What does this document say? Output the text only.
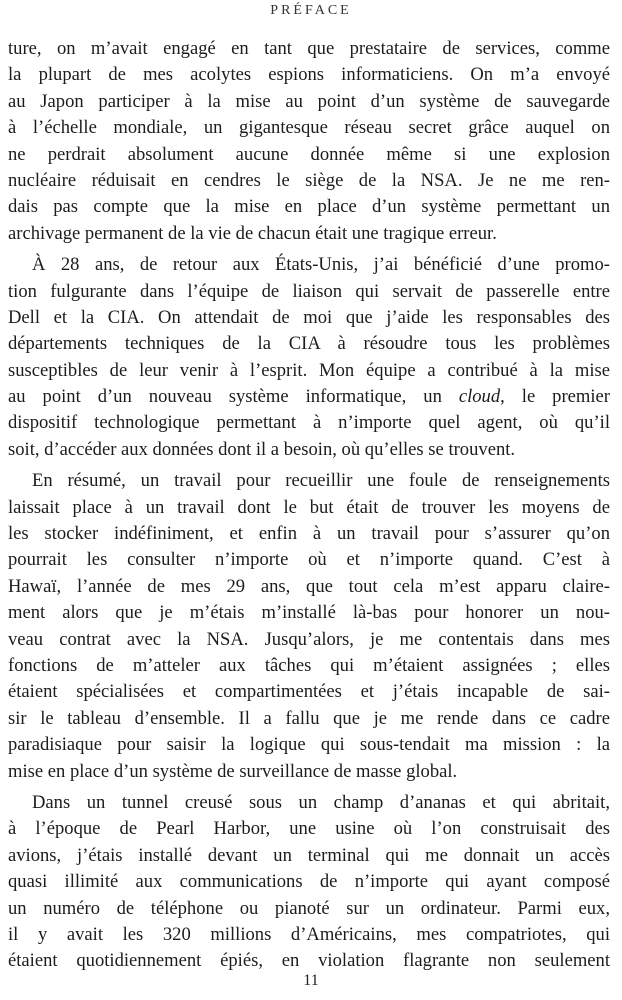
PRÉFACE
ture, on m’avait engagé en tant que prestataire de services, comme
la plupart de mes acolytes espions informaticiens. On m’a envoyé
au Japon participer à la mise au point d’un système de sauvegarde
à l’échelle mondiale, un gigantesque réseau secret grâce auquel on
ne perdrait absolument aucune donnée même si une explosion
nucléaire réduisait en cendres le siège de la NSA. Je ne me ren-
dais pas compte que la mise en place d’un système permettant un
archivage permanent de la vie de chacun était une tragique erreur.
À 28 ans, de retour aux États-Unis, j’ai bénéficié d’une promo-
tion fulgurante dans l’équipe de liaison qui servait de passerelle entre
Dell et la CIA. On attendait de moi que j’aide les responsables des
départements techniques de la CIA à résoudre tous les problèmes
susceptibles de leur venir à l’esprit. Mon équipe a contribué à la mise
au point d’un nouveau système informatique, un cloud, le premier
dispositif technologique permettant à n’importe quel agent, où qu’il
soit, d’accéder aux données dont il a besoin, où qu’elles se trouvent.
En résumé, un travail pour recueillir une foule de renseignements
laissait place à un travail dont le but était de trouver les moyens de
les stocker indéfiniment, et enfin à un travail pour s’assurer qu’on
pourrait les consulter n’importe où et n’importe quand. C’est à
Hawaï, l’année de mes 29 ans, que tout cela m’est apparu claire-
ment alors que je m’étais m’installé là-bas pour honorer un nou-
veau contrat avec la NSA. Jusqu’alors, je me contentais dans mes
fonctions de m’atteler aux tâches qui m’étaient assignées ; elles
étaient spécialisées et compartimentées et j’étais incapable de sai-
sir le tableau d’ensemble. Il a fallu que je me rende dans ce cadre
paradisiaque pour saisir la logique qui sous-tendait ma mission : la
mise en place d’un système de surveillance de masse global.
Dans un tunnel creusé sous un champ d’ananas et qui abritait,
à l’époque de Pearl Harbor, une usine où l’on construisait des
avions, j’étais installé devant un terminal qui me donnait un accès
quasi illimité aux communications de n’importe qui ayant composé
un numéro de téléphone ou pianoté sur un ordinateur. Parmi eux,
il y avait les 320 millions d’Américains, mes compatriotes, qui
étaient quotidiennement épiés, en violation flagrante non seulement
11
